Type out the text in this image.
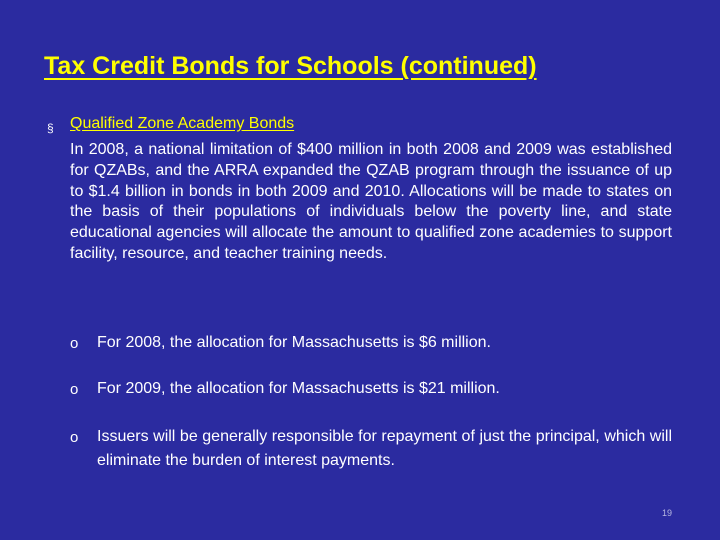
Tax Credit Bonds for Schools (continued)
§ Qualified Zone Academy Bonds

In 2008, a national limitation of $400 million in both 2008 and 2009 was established for QZABs, and the ARRA expanded the QZAB program through the issuance of up to $1.4 billion in bonds in both 2009 and 2010. Allocations will be made to states on the basis of their populations of individuals below the poverty line, and state educational agencies will allocate the amount to qualified zone academies to support facility, resource, and teacher training needs.

o For 2008, the allocation for Massachusetts is $6 million.

o For 2009, the allocation for Massachusetts is $21 million.

o Issuers will be generally responsible for repayment of just the principal, which will eliminate the burden of interest payments.

19
